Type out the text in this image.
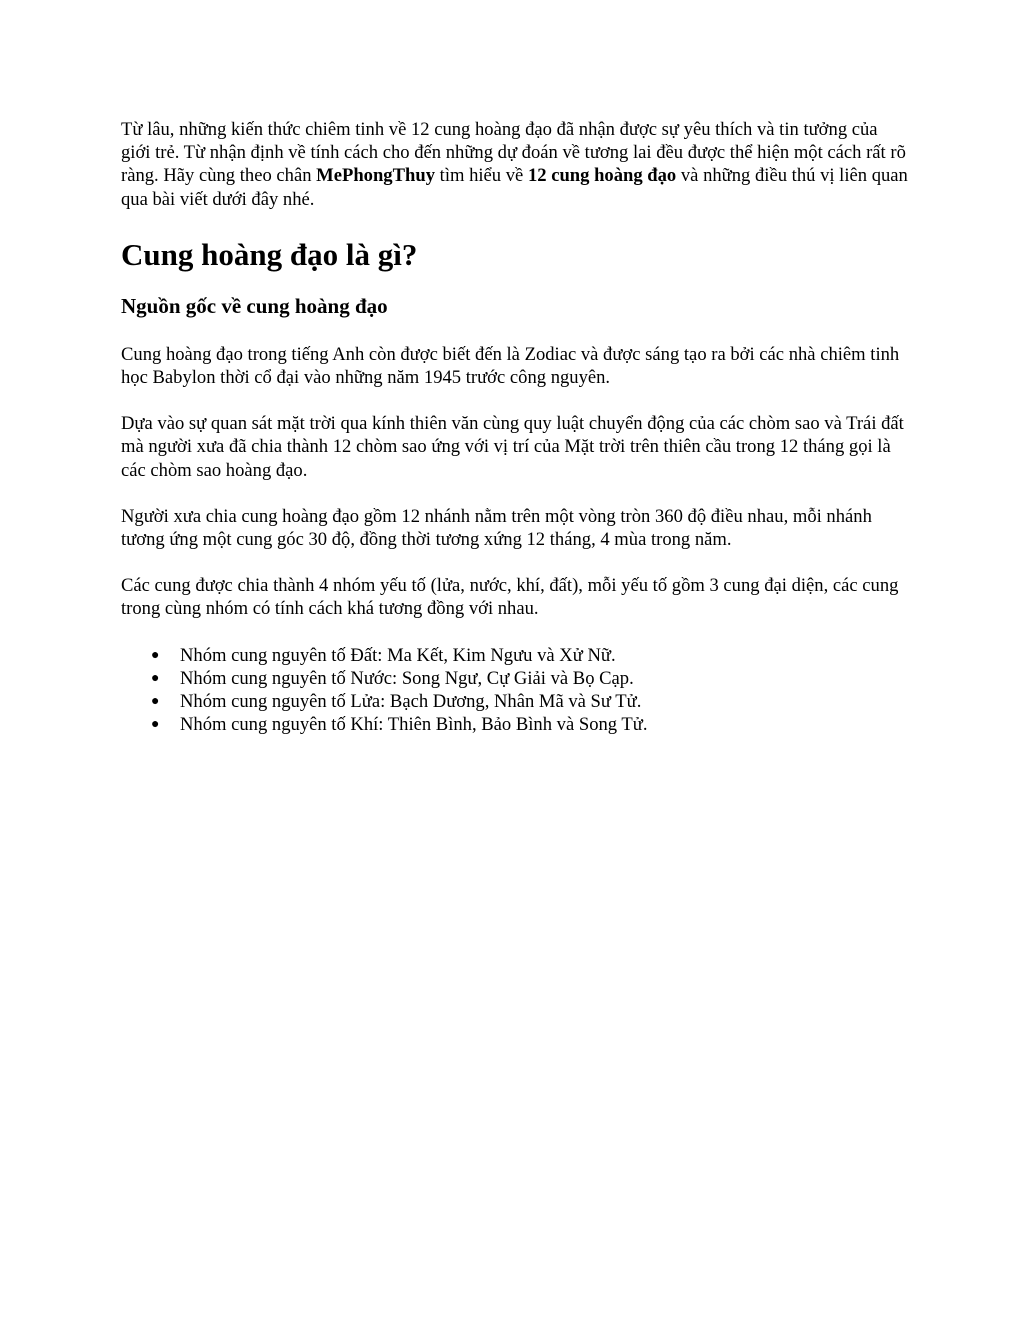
Từ lâu, những kiến thức chiêm tinh về 12 cung hoàng đạo đã nhận được sự yêu thích và tin tưởng của giới trẻ. Từ nhận định về tính cách cho đến những dự đoán về tương lai đều được thể hiện một cách rất rõ ràng. Hãy cùng theo chân MePhongThuy tìm hiểu về 12 cung hoàng đạo và những điều thú vị liên quan qua bài viết dưới đây nhé.

Cung hoàng đạo là gì?
Nguồn gốc về cung hoàng đạo

Cung hoàng đạo trong tiếng Anh còn được biết đến là Zodiac và được sáng tạo ra bởi các nhà chiêm tinh học Babylon thời cổ đại vào những năm 1945 trước công nguyên.

Dựa vào sự quan sát mặt trời qua kính thiên văn cùng quy luật chuyển động của các chòm sao và Trái đất mà người xưa đã chia thành 12 chòm sao ứng với vị trí của Mặt trời trên thiên cầu trong 12 tháng gọi là các chòm sao hoàng đạo.

Người xưa chia cung hoàng đạo gồm 12 nhánh nằm trên một vòng tròn 360 độ điều nhau, mỗi nhánh tương ứng một cung góc 30 độ, đồng thời tương xứng 12 tháng, 4 mùa trong năm.

Các cung được chia thành 4 nhóm yếu tố (lửa, nước, khí, đất), mỗi yếu tố gồm 3 cung đại diện, các cung trong cùng nhóm có tính cách khá tương đồng với nhau.

● Nhóm cung nguyên tố Đất: Ma Kết, Kim Ngưu và Xử Nữ.
● Nhóm cung nguyên tố Nước: Song Ngư, Cự Giải và Bọ Cạp.
● Nhóm cung nguyên tố Lửa: Bạch Dương, Nhân Mã và Sư Tử.
● Nhóm cung nguyên tố Khí: Thiên Bình, Bảo Bình và Song Tử.
